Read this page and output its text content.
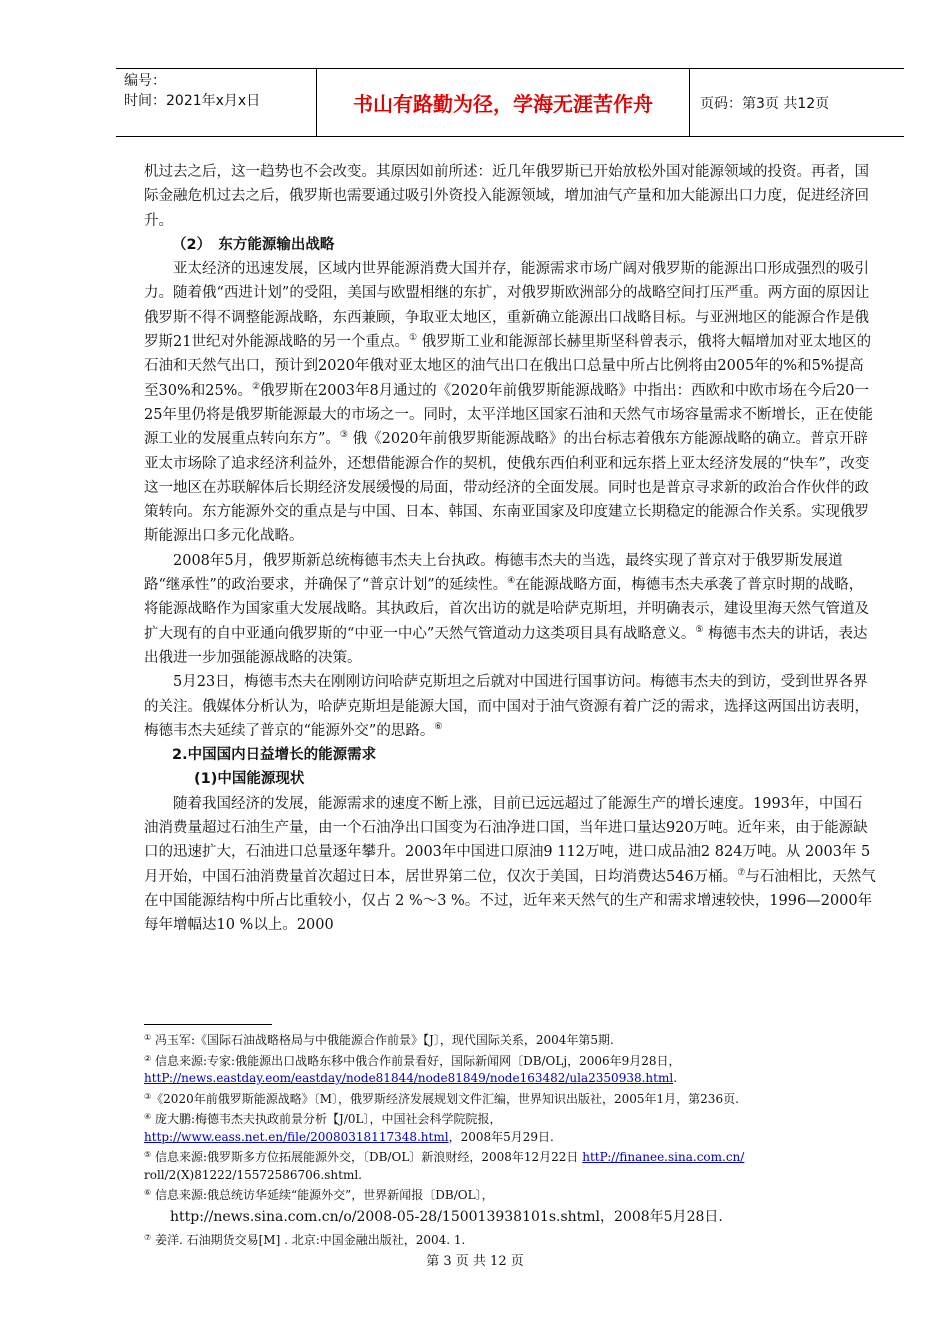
编号：
时间：2021年x月x日	书山有路勤为径，学海无涯苦作舟	页码：第3页 共12页

机过去之后，这一趋势也不会改变。其原因如前所述：近几年俄罗斯已开始放松外国对能源领域的投资。再者，国际金融危机过去之后，俄罗斯也需要通过吸引外资投入能源领域，增加油气产量和加大能源出口力度，促进经济回升。

（2）　东方能源输出战略

亚太经济的迅速发展，区域内世界能源消费大国并存，能源需求市场广阔对俄罗斯的能源出口形成强烈的吸引力。随着俄“西进计划”的受阻，美国与欧盟相继的东扩，对俄罗斯欧洲部分的战略空间打压严重。两方面的原因让俄罗斯不得不调整能源战略，东西兼顾，争取亚太地区，重新确立能源出口战略目标。与亚洲地区的能源合作是俄罗斯21世纪对外能源战略的另一个重点。① 俄罗斯工业和能源部长赫里斯坚科曾表示，俄将大幅增加对亚太地区的石油和天然气出口，预计到2020年俄对亚太地区的油气出口在俄出口总量中所占比例将由2005年的%和5%提高至30%和25%。②俄罗斯在2003年8月通过的《2020年前俄罗斯能源战略》中指出：西欧和中欧市场在今后20一25年里仍将是俄罗斯能源最大的市场之一。同时，太平洋地区国家石油和天然气市场容量需求不断增长，正在使能源工业的发展重点转向东方”。③ 俄《2020年前俄罗斯能源战略》的出台标志着俄东方能源战略的确立。普京开辟亚太市场除了追求经济利益外，还想借能源合作的契机，使俄东西伯利亚和远东搭上亚太经济发展的“快车”，改变这一地区在苏联解体后长期经济发展缓慢的局面，带动经济的全面发展。同时也是普京寻求新的政治合作伙伴的政策转向。东方能源外交的重点是与中国、日本、韩国、东南亚国家及印度建立长期稳定的能源合作关系。实现俄罗斯能源出口多元化战略。

2008年5月，俄罗斯新总统梅德韦杰夫上台执政。梅德韦杰夫的当选，最终实现了普京对于俄罗斯发展道路“继承性”的政治要求，并确保了“普京计划”的延续性。④在能源战略方面，梅德韦杰夫承袭了普京时期的战略，将能源战略作为国家重大发展战略。其执政后，首次出访的就是哈萨克斯坦，并明确表示，建设里海天然气管道及扩大现有的自中亚通向俄罗斯的“中亚一中心”天然气管道动力这类项目具有战略意义。⑤ 梅德韦杰夫的讲话，表达出俄进一步加强能源战略的决策。

5月23日，梅德韦杰夫在刚刚访问哈萨克斯坦之后就对中国进行国事访问。梅德韦杰夫的到访，受到世界各界的关注。俄媒体分析认为，哈萨克斯坦是能源大国，而中国对于油气资源有着广泛的需求，选择这两国出访表明，梅德韦杰夫延续了普京的“能源外交”的思路。⑥

2.中国国内日益增长的能源需求

(1)中国能源现状

随着我国经济的发展，能源需求的速度不断上涨，目前已远远超过了能源生产的增长速度。1993年，中国石油消费量超过石油生产量，由一个石油净出口国变为石油净进口国，当年进口量达920万吨。近年来，由于能源缺口的迅速扩大，石油进口总量逐年攀升。2003年中国进口原油9 112万吨，进口成品油2 824万吨。从 2003年 5月开始，中国石油消费量首次超过日本，居世界第二位，仅次于美国，日均消费达546万桶。⑦与石油相比，天然气在中国能源结构中所占比重较小，仅占 2 %～3 %。不过，近年来天然气的生产和需求增速较快，1996—2000年每年增幅达10 %以上。2000

① 冯玉军:《国际石油战略格局与中俄能源合作前景》【J〕，现代国际关系，2004年第5期.

② 信息来源:专家:俄能源出口战略东移中俄合作前景看好，国际新闻网〔DB/OLj，2006年9月28日，httP://news.eastday.eom/eastday/node81844/node81849/node163482/ula2350938.html.

③《2020年前俄罗斯能源战略》〔M〕，俄罗斯经济发展规划文件汇编，世界知识出版社，2005年1月，第236页.

④ 庞大鹏:梅德韦杰夫执政前景分析【J/0L〕，中国社会科学院院报，
http://www.eass.net.en/file/20080318117348.html，2008年5月29日.

⑤ 信息来源:俄罗斯多方位拓展能源外交，〔DB/OL〕新浪财经，2008年12月22日 httP://finanee.sina.com.cn/
roll/2(X)81222/15572586706.shtml.

⑥ 信息来源:俄总统访华延续“能源外交”，世界新闻报〔DB/OL〕，
http://news.sina.com.cn/o/2008-05-28/150013938101s.shtml，2008年5月28日.

⑦ 姜洋. 石油期货交易[M] . 北京:中国金融出版社，2004. 1.

第 3 页 共 12 页
